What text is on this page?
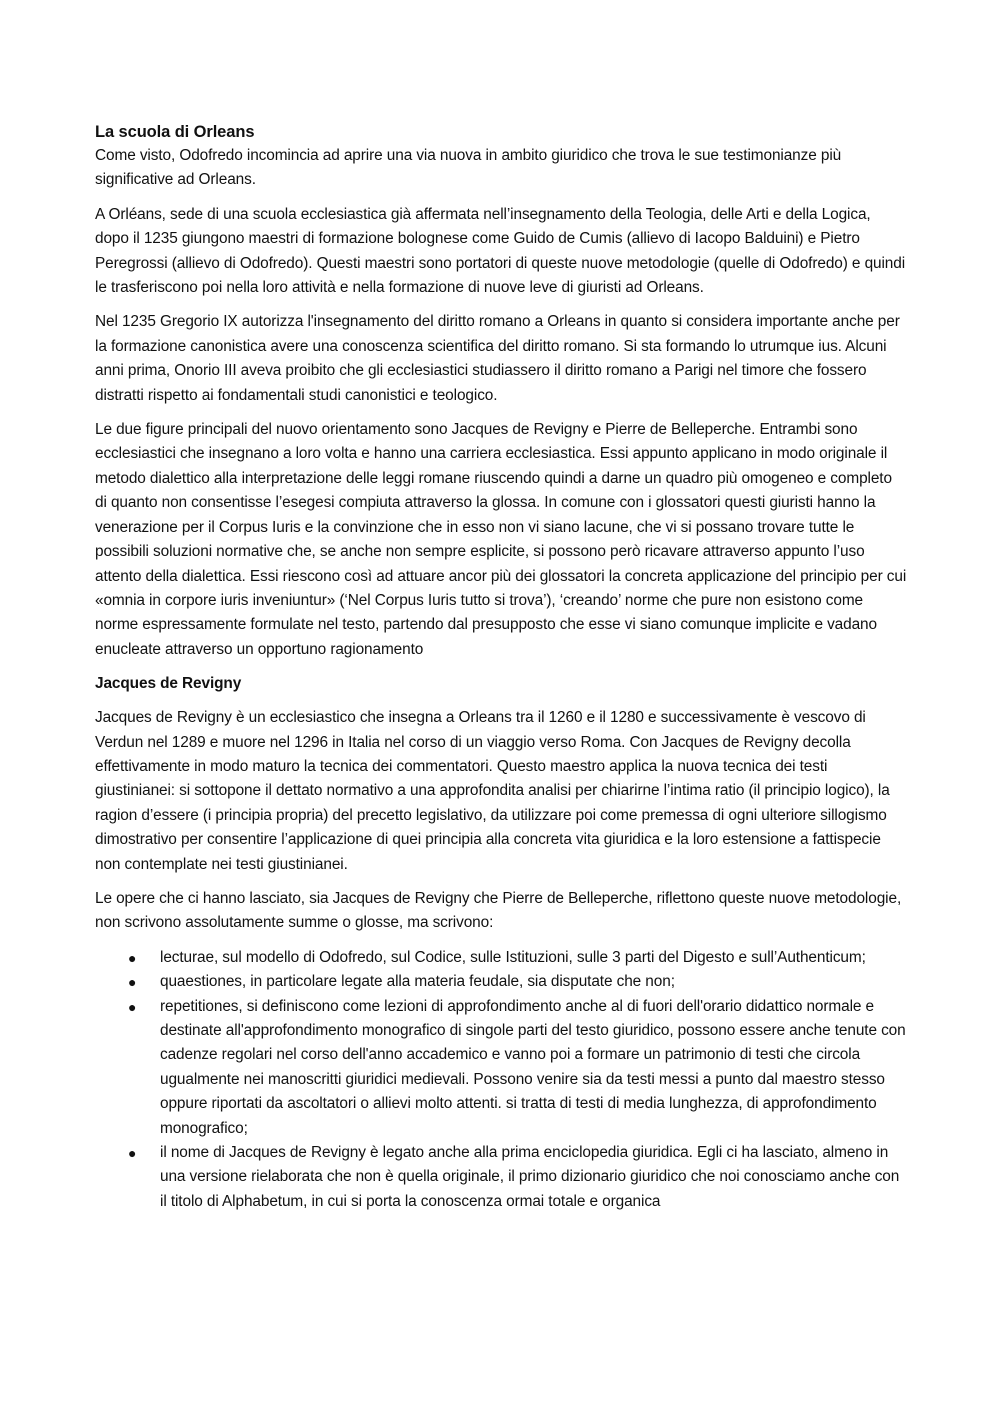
La scuola di Orleans

Come visto, Odofredo incomincia ad aprire una via nuova in ambito giuridico che trova le sue testimonianze più significative ad Orleans.

A Orléans, sede di una scuola ecclesiastica già affermata nell’insegnamento della Teologia, delle Arti e della Logica, dopo il 1235 giungono maestri di formazione bolognese come Guido de Cumis (allievo di Iacopo Balduini) e Pietro Peregrossi (allievo di Odofredo). Questi maestri sono portatori di queste nuove metodologie (quelle di Odofredo) e quindi le trasferiscono poi nella loro attività e nella formazione di nuove leve di giuristi ad Orleans.

Nel 1235 Gregorio IX autorizza l'insegnamento del diritto romano a Orleans in quanto si considera importante anche per la formazione canonistica avere una conoscenza scientifica del diritto romano. Si sta formando lo utrumque ius. Alcuni anni prima, Onorio III aveva proibito che gli ecclesiastici studiassero il diritto romano a Parigi nel timore che fossero distratti rispetto ai fondamentali studi canonistici e teologico.

Le due figure principali del nuovo orientamento sono Jacques de Revigny e Pierre de Belleperche. Entrambi sono ecclesiastici che insegnano a loro volta e hanno una carriera ecclesiastica. Essi appunto applicano in modo originale il metodo dialettico alla interpretazione delle leggi romane riuscendo quindi a darne un quadro più omogeneo e completo di quanto non consentisse l’esegesi compiuta attraverso la glossa. In comune con i glossatori questi giuristi hanno la venerazione per il Corpus Iuris e la convinzione che in esso non vi siano lacune, che vi si possano trovare tutte le possibili soluzioni normative che, se anche non sempre esplicite, si possono però ricavare attraverso appunto l’uso attento della dialettica. Essi riescono così ad attuare ancor più dei glossatori la concreta applicazione del principio per cui «omnia in corpore iuris inveniuntur» (‘Nel Corpus Iuris tutto si trova’), ‘creando’ norme che pure non esistono come norme espressamente formulate nel testo, partendo dal presupposto che esse vi siano comunque implicite e vadano enucleate attraverso un opportuno ragionamento

Jacques de Revigny

Jacques de Revigny è un ecclesiastico che insegna a Orleans tra il 1260 e il 1280 e successivamente è vescovo di Verdun nel 1289 e muore nel 1296 in Italia nel corso di un viaggio verso Roma. Con Jacques de Revigny decolla effettivamente in modo maturo la tecnica dei commentatori. Questo maestro applica la nuova tecnica dei testi giustinianei: si sottopone il dettato normativo a una approfondita analisi per chiarirne l’intima ratio (il principio logico), la ragion d’essere (i principia propria) del precetto legislativo, da utilizzare poi come premessa di ogni ulteriore sillogismo dimostrativo per consentire l’applicazione di quei principia alla concreta vita giuridica e la loro estensione a fattispecie non contemplate nei testi giustinianei.

Le opere che ci hanno lasciato, sia Jacques de Revigny che Pierre de Belleperche, riflettono queste nuove metodologie, non scrivono assolutamente summe o glosse, ma scrivono:

● lecturae, sul modello di Odofredo, sul Codice, sulle Istituzioni, sulle 3 parti del Digesto e sull’Authenticum;
● quaestiones, in particolare legate alla materia feudale, sia disputate che non;
● repetitiones, si definiscono come lezioni di approfondimento anche al di fuori dell'orario didattico normale e destinate all'approfondimento monografico di singole parti del testo giuridico, possono essere anche tenute con cadenze regolari nel corso dell'anno accademico e vanno poi a formare un patrimonio di testi che circola ugualmente nei manoscritti giuridici medievali. Possono venire sia da testi messi a punto dal maestro stesso oppure riportati da ascoltatori o allievi molto attenti. si tratta di testi di media lunghezza, di approfondimento monografico;
● il nome di Jacques de Revigny è legato anche alla prima enciclopedia giuridica. Egli ci ha lasciato, almeno in una versione rielaborata che non è quella originale, il primo dizionario giuridico che noi conosciamo anche con il titolo di Alphabetum, in cui si porta la conoscenza ormai totale e organica
